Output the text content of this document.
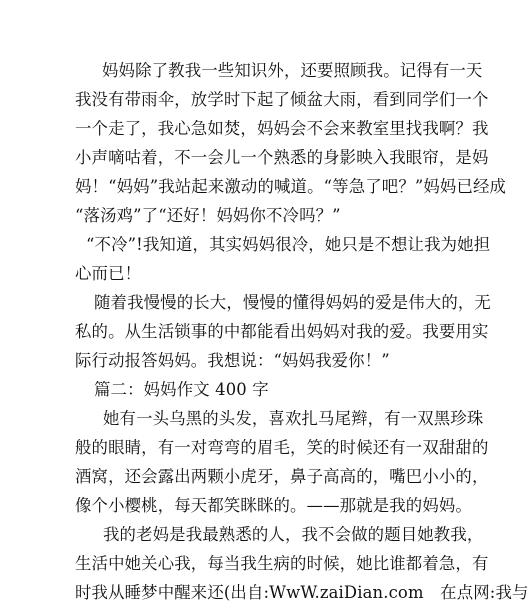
妈妈除了教我一些知识外，还要照顾我。记得有一天
我没有带雨伞，放学时下起了倾盆大雨，看到同学们一个
一个走了，我心急如焚，妈妈会不会来教室里找我啊？我
小声嘀咕着，不一会儿一个熟悉的身影映入我眼帘，是妈
妈！“妈妈”我站起来激动的喊道。“等急了吧？”妈妈已经成
“落汤鸡”了“还好！妈妈你不冷吗？”
“不冷”!我知道，其实妈妈很冷，她只是不想让我为她担
心而已！
随着我慢慢的长大，慢慢的懂得妈妈的爱是伟大的，无
私的。从生活锁事的中都能看出妈妈对我的爱。我要用实
际行动报答妈妈。我想说：“妈妈我爱你！”
篇二：妈妈作文 400 字
她有一头乌黑的头发，喜欢扎马尾辫，有一双黑珍珠
般的眼睛，有一对弯弯的眉毛，笑的时候还有一双甜甜的
酒窝，还会露出两颗小虎牙，鼻子高高的，嘴巴小小的，
像个小樱桃，每天都笑眯眯的。——那就是我的妈妈。
我的老妈是我最熟悉的人，我不会做的题目她教我，
生活中她关心我，每当我生病的时候，她比谁都着急，有
时我从睡梦中醒来还(出自:WwW.zaiDian.com　在点网:我与
